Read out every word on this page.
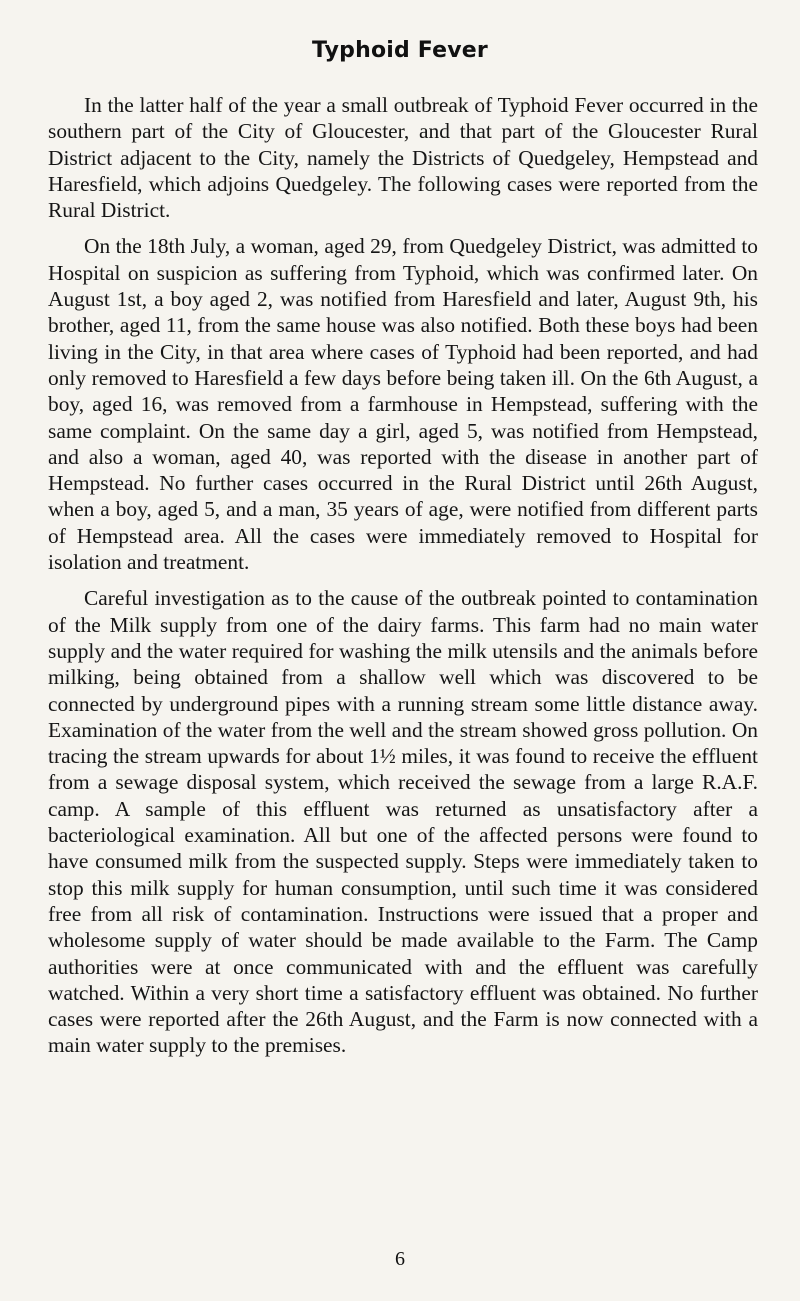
Typhoid Fever

In the latter half of the year a small outbreak of Typhoid Fever occurred in the southern part of the City of Gloucester, and that part of the Gloucester Rural District adjacent to the City, namely the Districts of Quedgeley, Hempstead and Haresfield, which adjoins Quedgeley. The following cases were reported from the Rural District.

On the 18th July, a woman, aged 29, from Quedgeley District, was admitted to Hospital on suspicion as suffering from Typhoid, which was confirmed later. On August 1st, a boy aged 2, was notified from Haresfield and later, August 9th, his brother, aged 11, from the same house was also notified. Both these boys had been living in the City, in that area where cases of Typhoid had been reported, and had only removed to Haresfield a few days before being taken ill. On the 6th August, a boy, aged 16, was removed from a farmhouse in Hempstead, suffering with the same complaint. On the same day a girl, aged 5, was notified from Hempstead, and also a woman, aged 40, was reported with the disease in another part of Hempstead. No further cases occurred in the Rural District until 26th August, when a boy, aged 5, and a man, 35 years of age, were notified from different parts of Hempstead area. All the cases were immediately removed to Hospital for isolation and treatment.

Careful investigation as to the cause of the outbreak pointed to contamination of the Milk supply from one of the dairy farms. This farm had no main water supply and the water required for washing the milk utensils and the animals before milking, being obtained from a shallow well which was discovered to be connected by underground pipes with a running stream some little distance away. Examination of the water from the well and the stream showed gross pollution. On tracing the stream upwards for about 1½ miles, it was found to receive the effluent from a sewage disposal system, which received the sewage from a large R.A.F. camp. A sample of this effluent was returned as unsatisfactory after a bacteriological examination. All but one of the affected persons were found to have consumed milk from the suspected supply. Steps were immediately taken to stop this milk supply for human consumption, until such time it was considered free from all risk of contamination. Instructions were issued that a proper and wholesome supply of water should be made available to the Farm. The Camp authorities were at once communicated with and the effluent was carefully watched. Within a very short time a satisfactory effluent was obtained. No further cases were reported after the 26th August, and the Farm is now connected with a main water supply to the premises.

6
